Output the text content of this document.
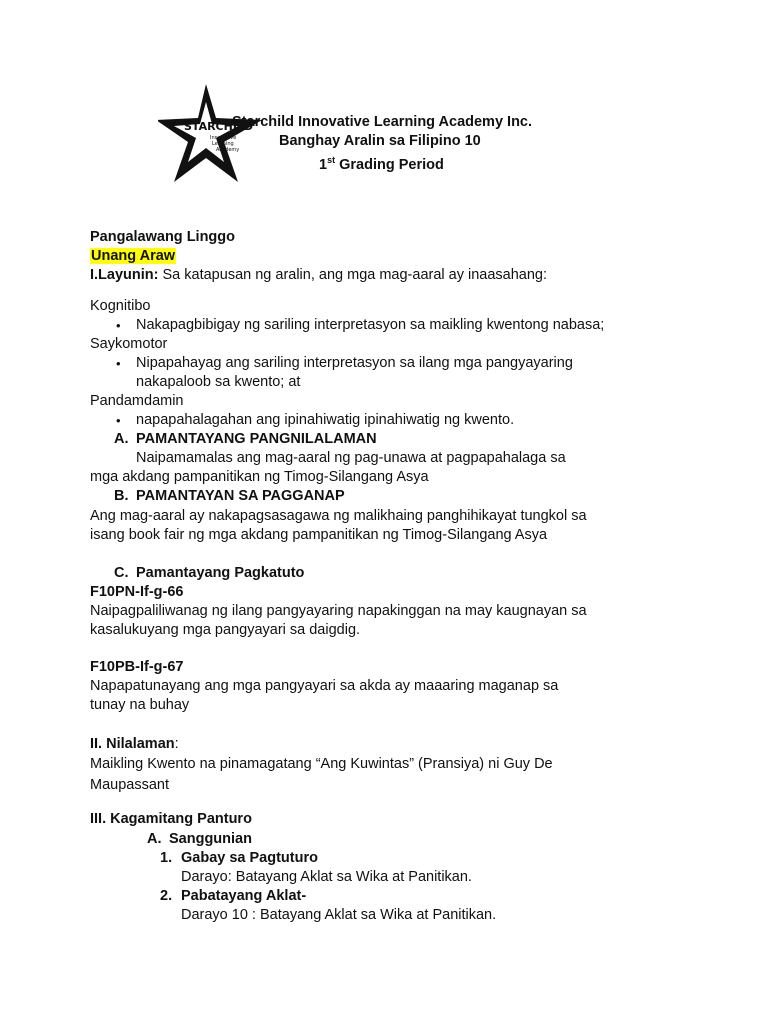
STARCHILD
Innovative
Learning
Academy
Starchild Innovative Learning Academy Inc.
Banghay Aralin sa Filipino 10
1st Grading Period
Pangalawang Linggo
Unang Araw
I.Layunin: Sa katapusan ng aralin, ang mga mag-aaral ay inaasahang:
Kognitibo
• Nakapagbibigay ng sariling interpretasyon sa maikling kwentong nabasa;
Saykomotor
• Nipapahayag ang sariling interpretasyon sa ilang mga pangyayaring
nakapaloob sa kwento; at
Pandamdamin
• napapahalagahan ang ipinahiwatig ipinahiwatig ng kwento.
A. PAMANTAYANG PANGNILALAMAN
Naipamamalas ang mag-aaral ng pag-unawa at pagpapahalaga sa
mga akdang pampanitikan ng Timog-Silangang Asya
B. PAMANTAYAN SA PAGGANAP
Ang mag-aaral ay nakapagsasagawa ng malikhaing panghihikayat tungkol sa
isang book fair ng mga akdang pampanitikan ng Timog-Silangang Asya
C. Pamantayang Pagkatuto
F10PN-If-g-66
Naipagpaliliwanag ng ilang pangyayaring napakinggan na may kaugnayan sa
kasalukuyang mga pangyayari sa daigdig.
F10PB-If-g-67
Napapatunayang ang mga pangyayari sa akda ay maaaring maganap sa
tunay na buhay
II. Nilalaman:
Maikling Kwento na pinamagatang “Ang Kuwintas” (Pransiya) ni Guy De
Maupassant
III. Kagamitang Panturo
A. Sanggunian
1. Gabay sa Pagtuturo
Darayo: Batayang Aklat sa Wika at Panitikan.
2. Pabatayang Aklat-
Darayo 10 : Batayang Aklat sa Wika at Panitikan.
